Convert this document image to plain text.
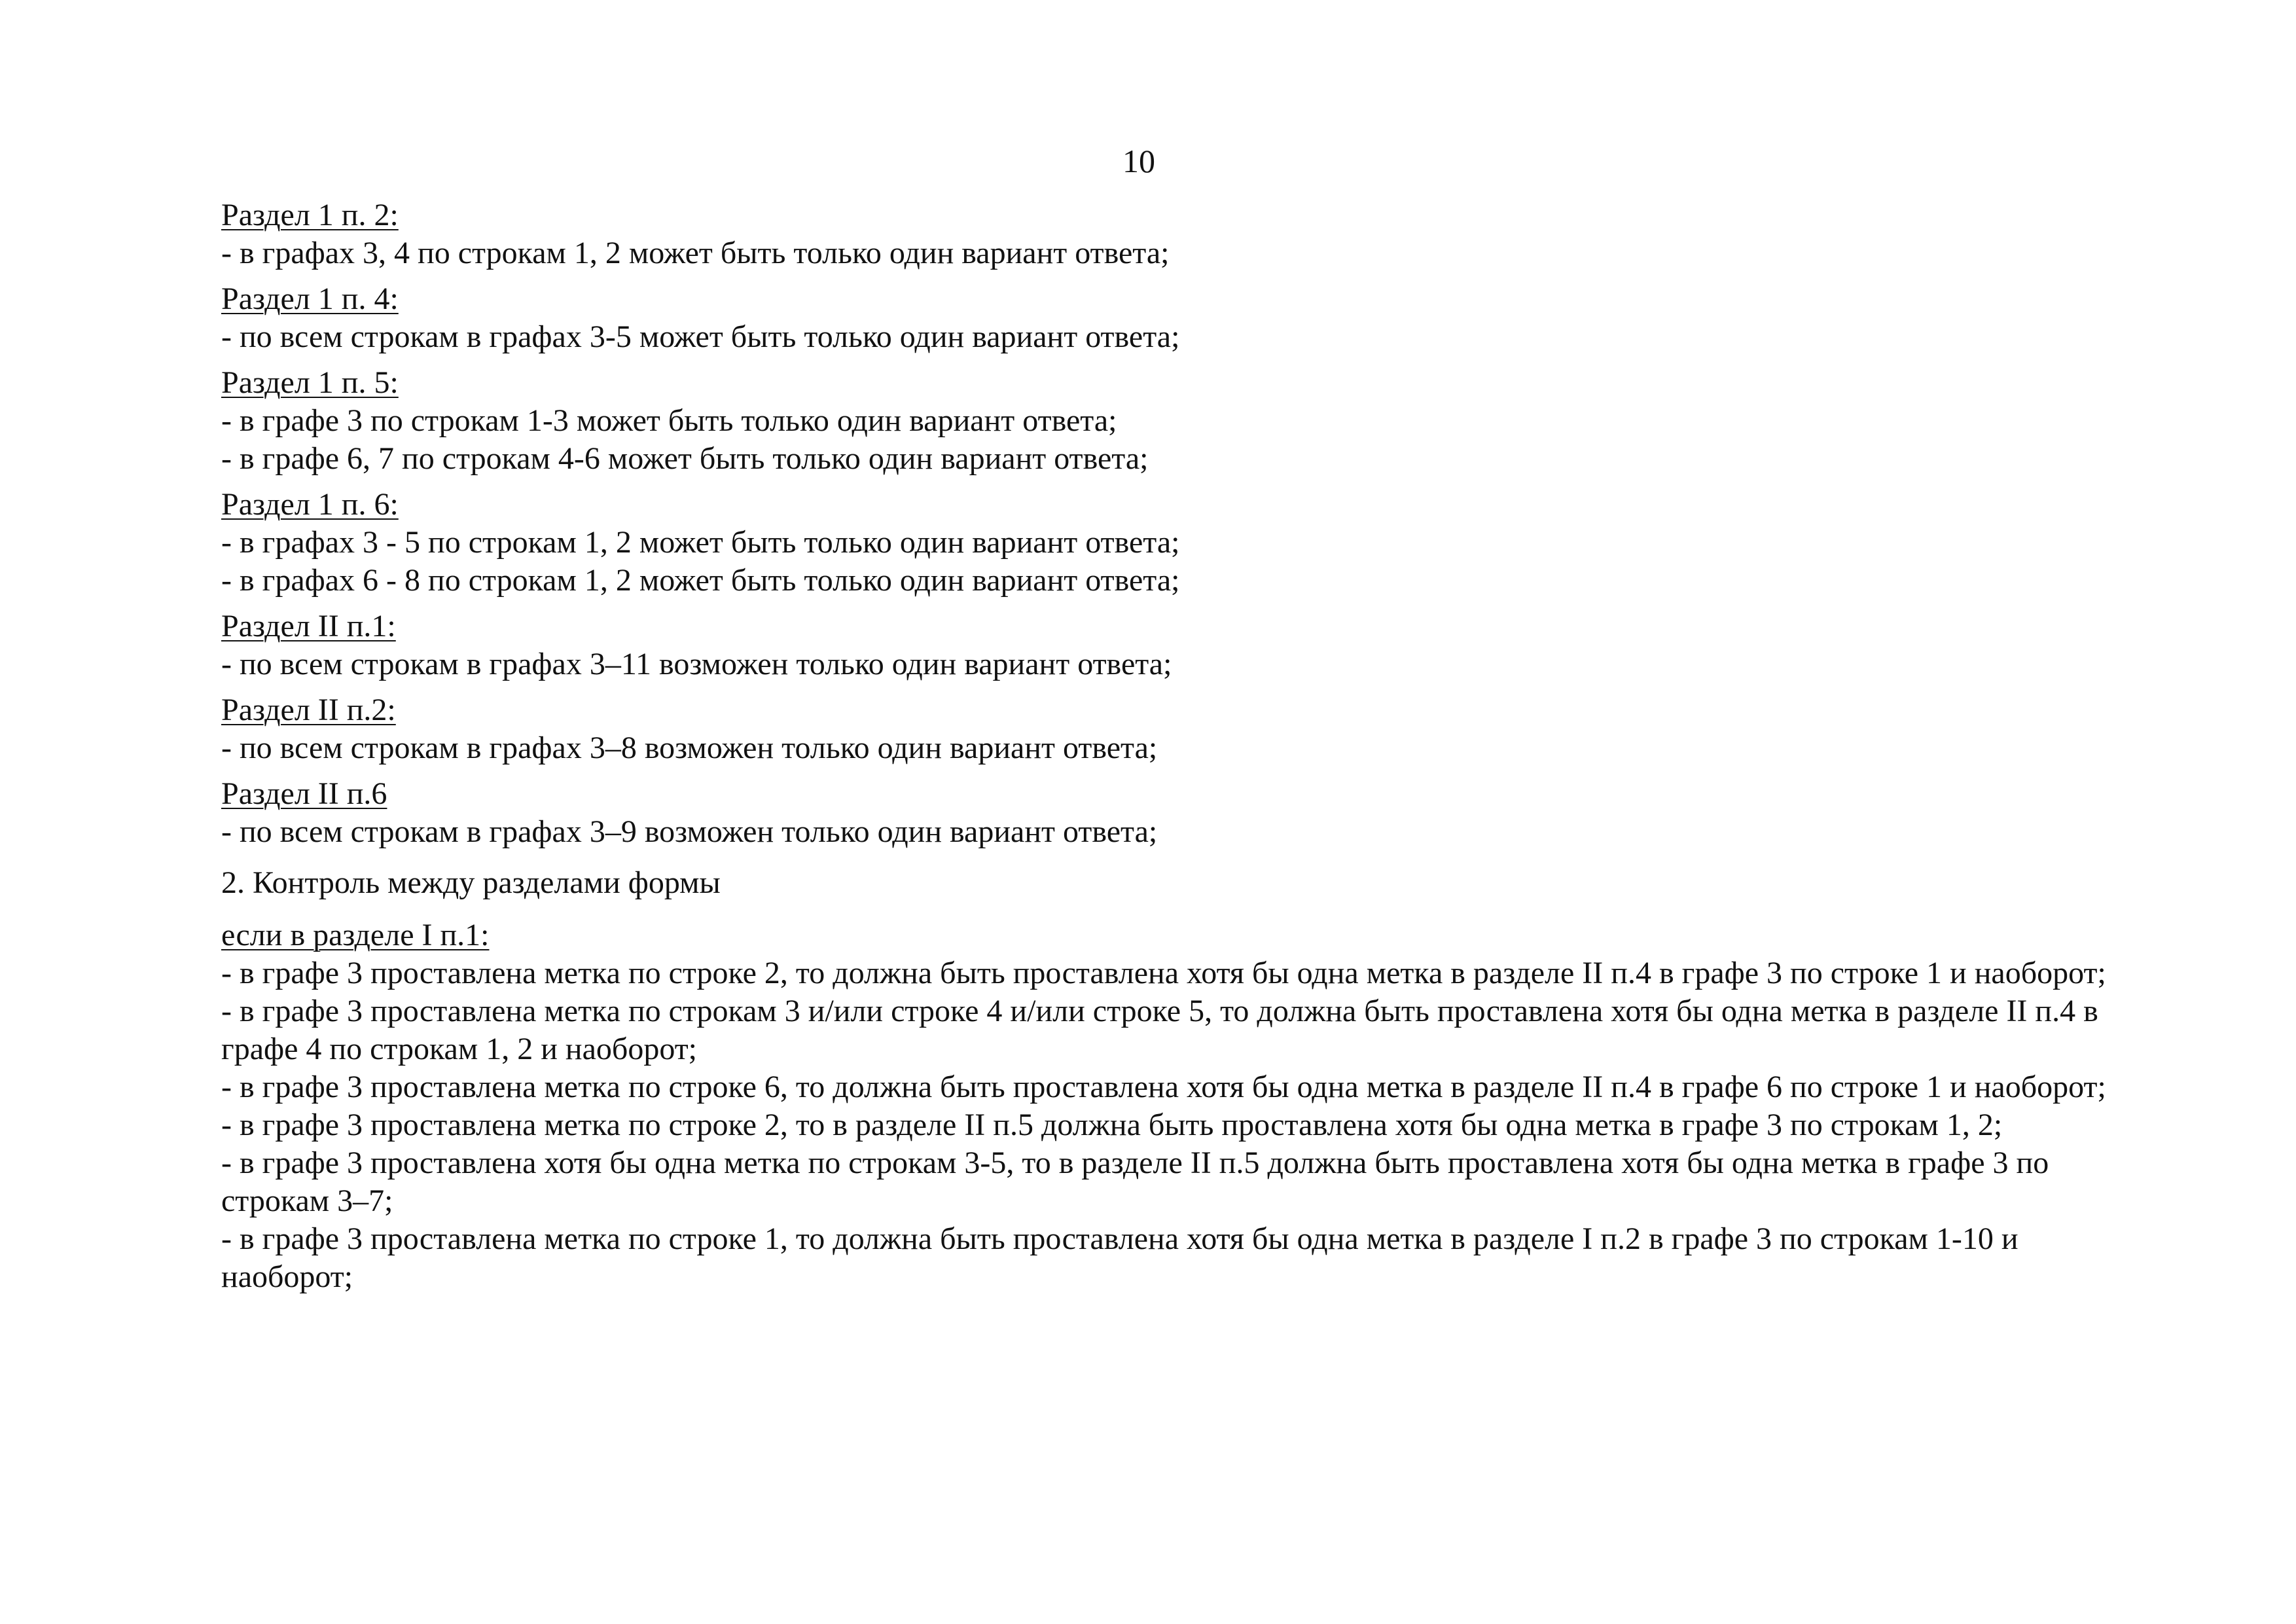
10
Раздел 1 п. 2:
- в графах 3, 4 по строкам 1, 2 может быть только один вариант ответа;
Раздел 1 п. 4:
- по всем строкам в графах 3-5 может быть только один вариант ответа;
Раздел 1 п. 5:
- в графе 3 по строкам 1-3 может быть только один вариант ответа;
- в графе 6, 7 по строкам 4-6 может быть только один вариант ответа;
Раздел 1 п. 6:
- в графах 3 - 5 по строкам 1, 2 может быть только один вариант ответа;
- в графах 6 - 8 по строкам 1, 2 может быть только один вариант ответа;
Раздел II п.1:
- по всем строкам в графах 3–11 возможен только один вариант ответа;
Раздел II п.2:
- по всем строкам в графах 3–8 возможен только один вариант ответа;
Раздел II п.6
- по всем строкам в графах 3–9 возможен только один вариант ответа;
2. Контроль между разделами формы
если в разделе I п.1:
- в графе 3 проставлена метка по строке 2, то должна быть проставлена хотя бы одна метка в разделе II п.4 в графе 3 по строке 1 и наоборот;
- в графе 3 проставлена метка по строкам 3 и/или строке 4 и/или строке 5, то должна быть проставлена хотя бы одна метка в разделе II п.4 в графе 4 по строкам 1, 2 и наоборот;
- в графе 3 проставлена метка по строке 6, то должна быть проставлена хотя бы одна метка в разделе II п.4 в графе 6 по строке 1 и наоборот;
- в графе 3 проставлена метка по строке 2, то в разделе II п.5 должна быть проставлена хотя бы одна метка в графе 3 по строкам 1, 2;
- в графе 3 проставлена хотя бы одна метка по строкам 3-5, то в разделе II п.5 должна быть проставлена хотя бы одна метка в графе 3 по строкам 3–7;
- в графе 3 проставлена метка по строке 1, то должна быть проставлена хотя бы одна метка в разделе I п.2 в графе 3 по строкам 1-10 и наоборот;
